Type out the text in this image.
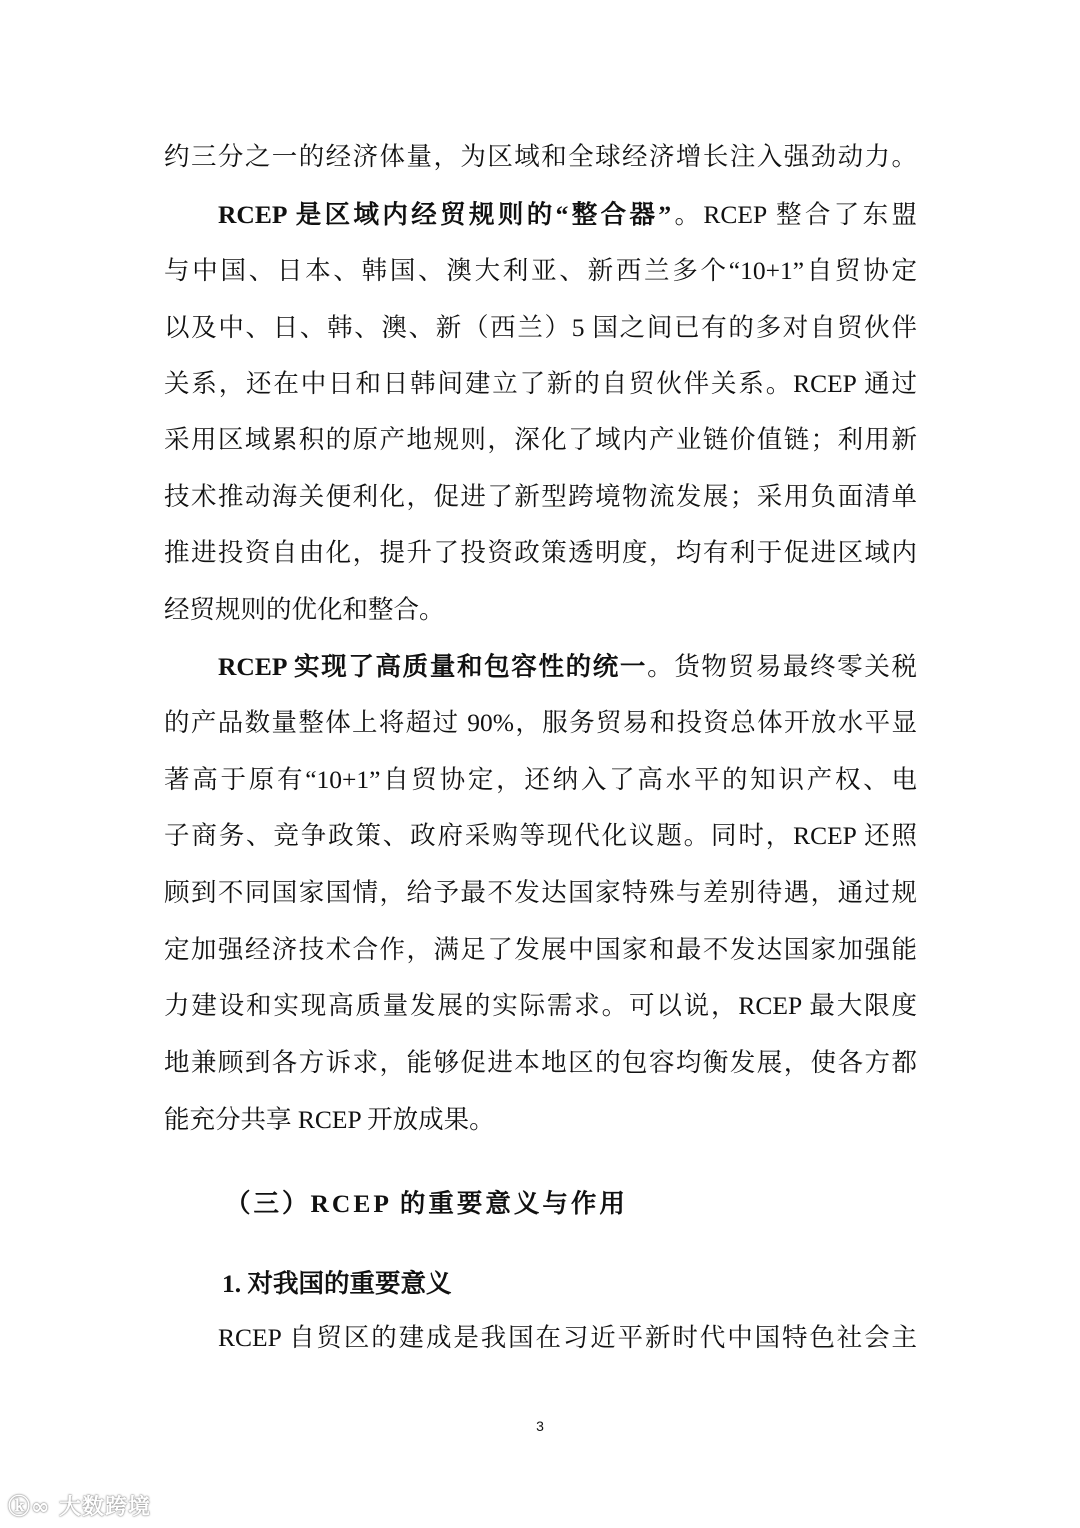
约三分之一的经济体量，为区域和全球经济增长注入强劲动力。
RCEP 是区域内经贸规则的“整合器”。RCEP 整合了东盟
与中国、日本、韩国、澳大利亚、新西兰多个“10+1”自贸协定
以及中、日、韩、澳、新（西兰）5 国之间已有的多对自贸伙伴
关系，还在中日和日韩间建立了新的自贸伙伴关系。RCEP 通过
采用区域累积的原产地规则，深化了域内产业链价值链；利用新
技术推动海关便利化，促进了新型跨境物流发展；采用负面清单
推进投资自由化，提升了投资政策透明度，均有利于促进区域内
经贸规则的优化和整合。
RCEP 实现了高质量和包容性的统一。货物贸易最终零关税
的产品数量整体上将超过 90%，服务贸易和投资总体开放水平显
著高于原有“10+1”自贸协定，还纳入了高水平的知识产权、电
子商务、竞争政策、政府采购等现代化议题。同时，RCEP 还照
顾到不同国家国情，给予最不发达国家特殊与差别待遇，通过规
定加强经济技术合作，满足了发展中国家和最不发达国家加强能
力建设和实现高质量发展的实际需求。可以说，RCEP 最大限度
地兼顾到各方诉求，能够促进本地区的包容均衡发展，使各方都
能充分共享 RCEP 开放成果。
（三）RCEP 的重要意义与作用
1. 对我国的重要意义
RCEP 自贸区的建成是我国在习近平新时代中国特色社会主
3
ⓚ∞ 大数跨境
